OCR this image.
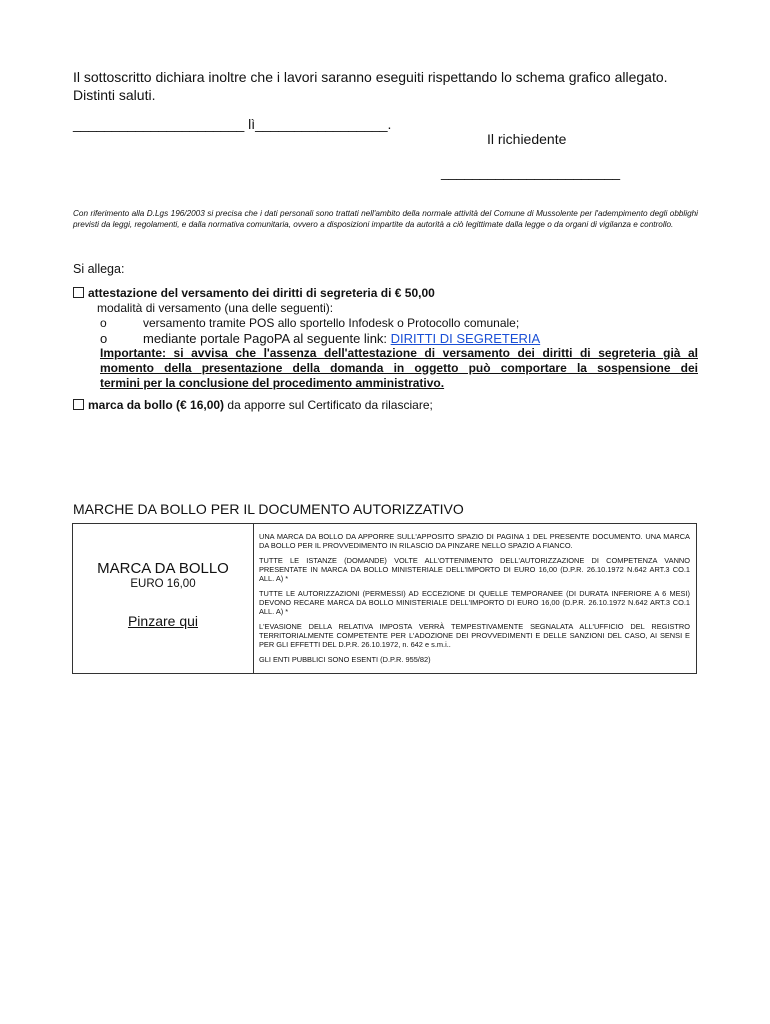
Il sottoscritto dichiara inoltre che i lavori saranno eseguiti rispettando lo schema grafico allegato.
Distinti saluti.
______________________ lì_________________.
Il richiedente
_______________________
Con riferimento alla D.Lgs 196/2003 si precisa che i dati personali sono trattati nell'ambito della normale attività del Comune di Mussolente per l'adempimento degli obblighi previsti da leggi, regolamenti, e dalla normativa comunitaria, ovvero a disposizioni impartite da autorità a ciò legittimate dalla legge o da organi di vigilanza e controllo.
Si allega:
attestazione del versamento dei diritti di segreteria di € 50,00
modalità di versamento (una delle seguenti):
o	versamento tramite POS allo sportello Infodesk o Protocollo comunale;
o	mediante portale PagoPA al seguente link: DIRITTI DI SEGRETERIA
Importante: si avvisa che l'assenza dell'attestazione di versamento dei diritti di segreteria già al
momento della presentazione della domanda in oggetto può comportare la sospensione dei
termini per la conclusione del procedimento amministrativo.
marca da bollo (€ 16,00) da apporre sul Certificato da rilasciare;
MARCHE DA BOLLO PER IL DOCUMENTO AUTORIZZATIVO
MARCA DA BOLLO
EURO 16,00
Pinzare qui

UNA MARCA DA BOLLO DA APPORRE SULL'APPOSITO SPAZIO DI PAGINA 1 DEL PRESENTE DOCUMENTO. UNA MARCA DA BOLLO PER IL PROVVEDIMENTO IN RILASCIO DA PINZARE NELLO SPAZIO A FIANCO.

TUTTE LE ISTANZE (DOMANDE) VOLTE ALL'OTTENIMENTO DELL'AUTORIZZAZIONE DI COMPETENZA VANNO PRESENTATE IN MARCA DA BOLLO MINISTERIALE DELL'IMPORTO DI EURO 16,00 (D.P.R. 26.10.1972 N.642 ART.3 CO.1 ALL. A) *

TUTTE LE AUTORIZZAZIONI (PERMESSI) AD ECCEZIONE DI QUELLE TEMPORANEE (DI DURATA INFERIORE A 6 MESI) DEVONO RECARE MARCA DA BOLLO MINISTERIALE DELL'IMPORTO DI EURO 16,00 (D.P.R. 26.10.1972 N.642 ART.3 CO.1 ALL. A) *

L'EVASIONE DELLA RELATIVA IMPOSTA VERRÀ TEMPESTIVAMENTE SEGNALATA ALL'UFFICIO DEL REGISTRO TERRITORIALMENTE COMPETENTE PER L'ADOZIONE DEI PROVVEDIMENTI E DELLE SANZIONI DEL CASO, AI SENSI E PER GLI EFFETTI DEL D.P.R. 26.10.1972, n. 642 e s.m.i..

GLI ENTI PUBBLICI SONO ESENTI (D.P.R. 955/82)
